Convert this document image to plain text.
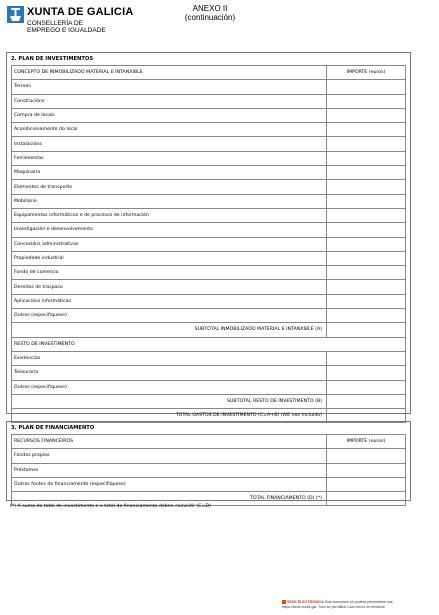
XUNTA DE GALICIA
CONSELLERÍA DE
EMPREGO E IGUALDADE
ANEXO II
(continuación)
2. PLAN DE INVESTIMENTOS
CONCEPTO DE INMOBILIZADO MATERIAL E INTANXIBLE	IMPORTE (euros)
Terreos	
Construcións	
Compra de locais	
Acondicionamento do local	
Instalacións	
Ferramentas	
Maquinaria	
Elementos de transporte	
Mobiliario	
Equipamentos informáticos e de procesos de información	
Investigación e desenvolvemento	
Concesións administrativas	
Propiedade industrial	
Fondo de comercio	
Dereitos de traspaso	
Aplicacións informáticas	
Outros (especifíquese)	
SUBTOTAL INMOBILIZADO MATERIAL E INTANXIBLE (A)	
RESTO DE INVESTIMENTO	
Existencias	
Tesouraría	
Outros (especifíquese)	
SUBTOTAL RESTO DE INVESTIMENTO (B)	
TOTAL GASTOS DE INVESTIMENTO (C=A+B) (IVE non incluído)	
3. PLAN DE FINANCIAMENTO
RECURSOS FINANCEIROS	IMPORTE (euros)
Fondos propios	
Préstamos	
Outras fontes de financiamento (especifíquese)	
TOTAL FINANCIAMENTO (D) (*)	
(*) A suma do total do investimento e o total do financiamento deben coincidir (C=D)
SEDE ELECTRÓNICA Este formulario só poderá presentarse nas
https://sede.xunta.gal . Non se permitirá o seu envío en rexistros
